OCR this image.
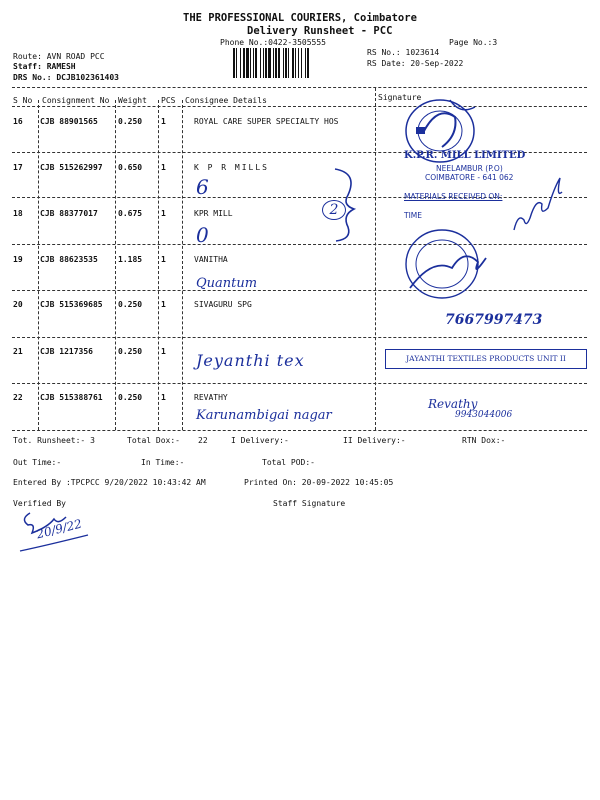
THE PROFESSIONAL COURIERS, Coimbatore
Delivery Runsheet - PCC
Phone No.:0422-3505555	Page No.:3
Route: AVN ROAD PCC
Staff: RAMESH
DRS No.: DCJB102361403
RS No.: 1023614
RS Date: 20-Sep-2022
S No Consignment No Weight PCS Consignee Details	Signature
16 CJB 88901565	0.250 1	ROYAL CARE SUPER SPECIALTY HOS
17 CJB 515262997 0.650 1	K P R MILLS
18 CJB 88377017	0.675 1	KPR MILL
19 CJB 88623535	1.185 1	VANITHA
20 CJB 515369685 0.250 1	SIVAGURU SPG
21 CJB 1217356	0.250 1
22 CJB 515388761 0.250 1	REVATHY
6
0
2
Quantum
Jeyanthi tex
Karunambigai nagar
K.P.R. MILL LIMITED
NEELAMBUR (P.O)
COIMBATORE - 641 062
MATERIALS RECEIVED ON:
TIME
7667997473
JAYANTHI TEXTILES PRODUCTS UNIT II
Revathy
9943044006
Tot. Runsheet:- 3	Total Dox:- 22	I Delivery:-	II Delivery:-	RTN Dox:-
Out Time:-	In Time:-	Total POD:-
Entered By :TPCPCC 9/20/2022 10:43:42 AM	Printed On: 20-09-2022 10:45:05
Verified By	Staff Signature
20/9/22
